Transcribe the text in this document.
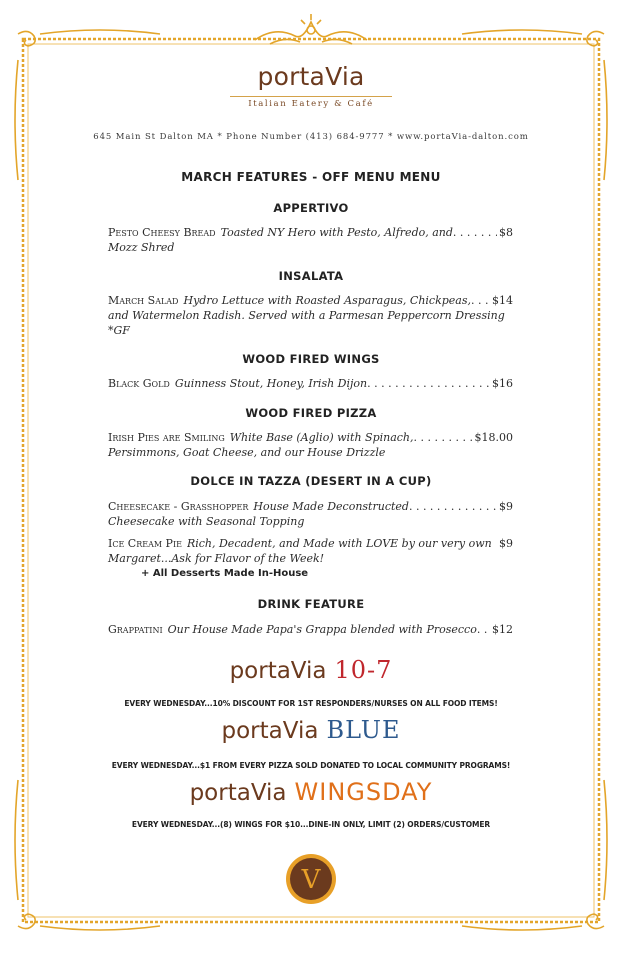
portaVia
Italian Eatery & Café
645 Main St Dalton MA * Phone Number (413) 684-9777 * www.portaVia-dalton.com
MARCH FEATURES - OFF MENU MENU
APPERTIVO
Pesto Cheesy Bread Toasted NY Hero with Pesto, Alfredo, and . . .	$8
Mozz Shred
INSALATA
March Salad Hydro Lettuce with Roasted Asparagus, Chickpeas, . . . $14
and Watermelon Radish. Served with a Parmesan Peppercorn Dressing
*GF
WOOD FIRED WINGS
Black Gold Guinness Stout, Honey, Irish Dijon . . .	$16
WOOD FIRED PIZZA
Irish Pies are Smiling White Base (Aglio) with Spinach, . . .	$18.00
Persimmons, Goat Cheese, and our House Drizzle
DOLCE IN TAZZA (DESERT IN A CUP)
Cheesecake - Grasshopper House Made Deconstructed . . .	$9
Cheesecake with Seasonal Topping
Ice Cream Pie Rich, Decadent, and Made with LOVE by our very own $9
Margaret...Ask for Flavor of the Week!
+ All Desserts Made In-House
DRINK FEATURE
Grappatini Our House Made Papa's Grappa blended with Prosecco . . . $12
portaVia 10-7
EVERY WEDNESDAY...10% DISCOUNT FOR 1ST RESPONDERS/NURSES ON ALL FOOD ITEMS!
portaVia BLUE
EVERY WEDNESDAY...$1 FROM EVERY PIZZA SOLD DONATED TO LOCAL COMMUNITY PROGRAMS!
portaVia WINGSDAY
EVERY WEDNESDAY...(8) WINGS FOR $10...DINE-IN ONLY, LIMIT (2) ORDERS/CUSTOMER
V
